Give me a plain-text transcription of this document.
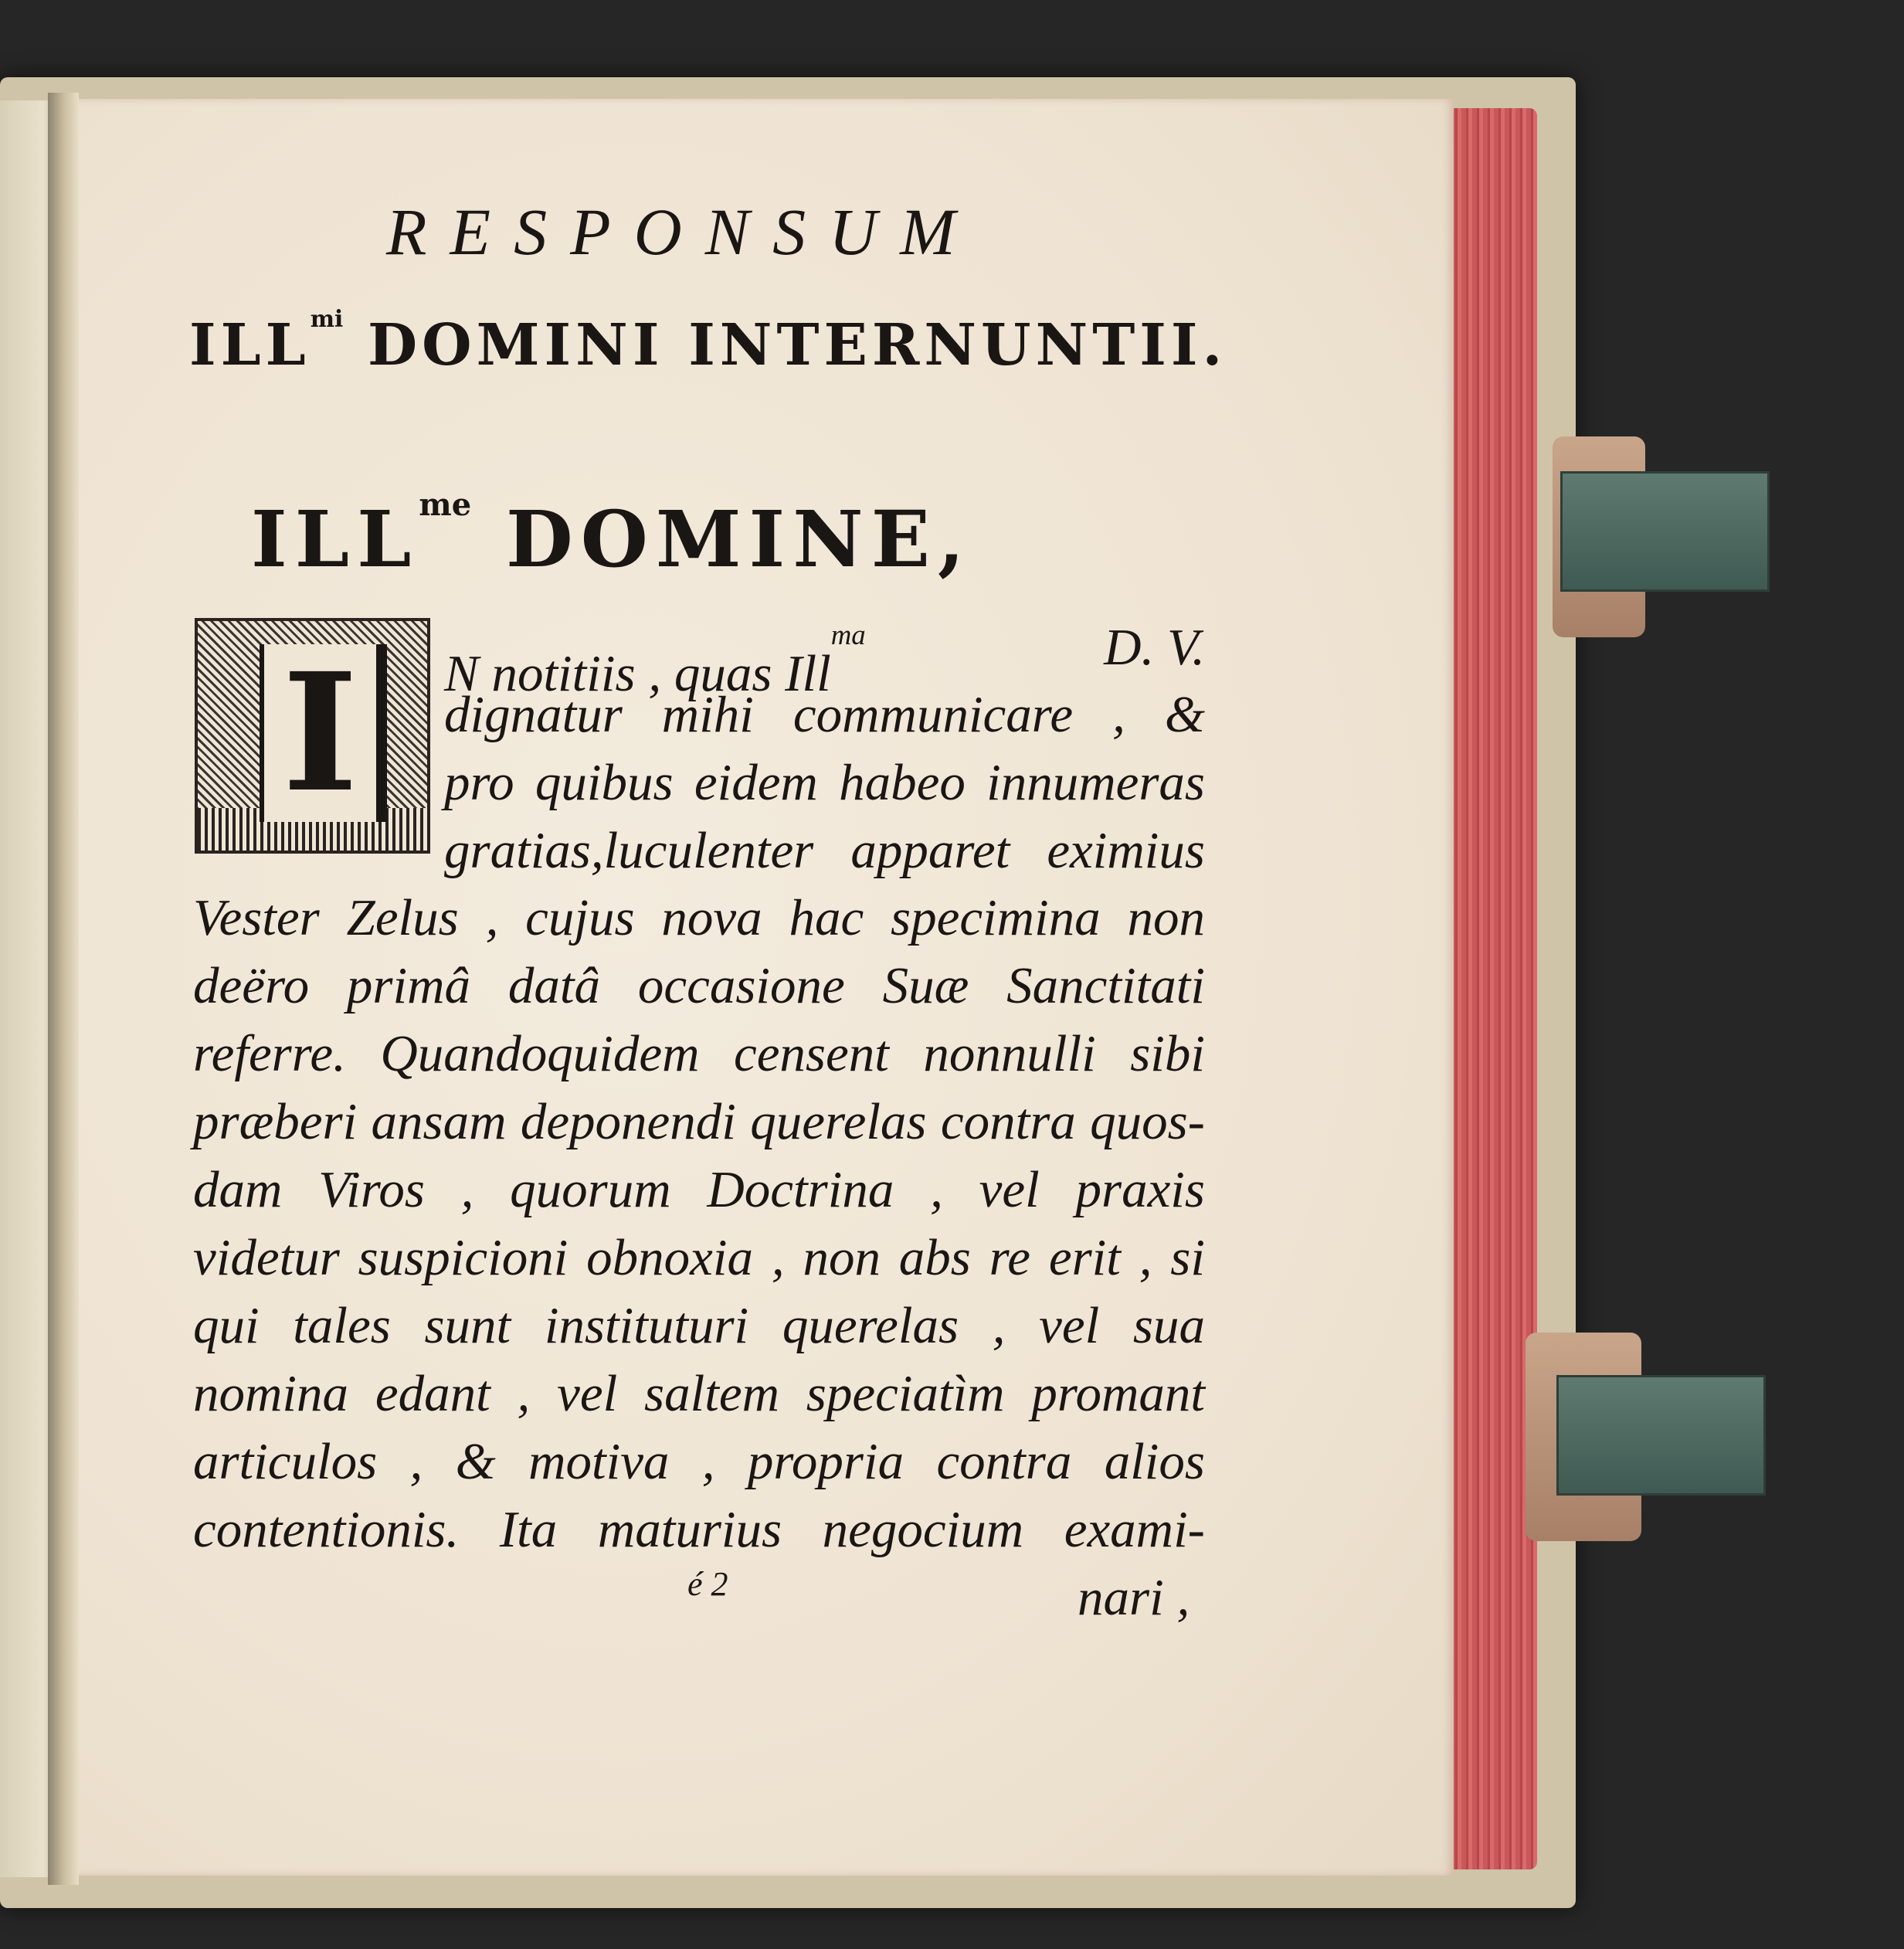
RESPONSUM
$ILL^{mi}$ DOMINI INTERNUNTII.
$ILL^{me}$ DOMINE,
I	N notitiis , quas Ill$^{ma}$	D. V.
dignatur mihi communicare , &
pro quibus eidem habeo innumeras
gratias,luculenter apparet eximius
Vester Zelus , cujus nova hac specimina non
deëro primâ datâ occasione Suæ Sanctitati
referre. Quandoquidem censent nonnulli sibi
præberi ansam deponendi querelas contra quos-
dam Viros , quorum Doctrina , vel praxis
videtur suspicioni obnoxia , non abs re erit , si
qui tales sunt instituturi querelas , vel sua
nomina edant , vel saltem speciatìm promant
articulos , & motiva , propria contra alios
contentionis. Ita maturius negocium exami-
é 2	nari ,
